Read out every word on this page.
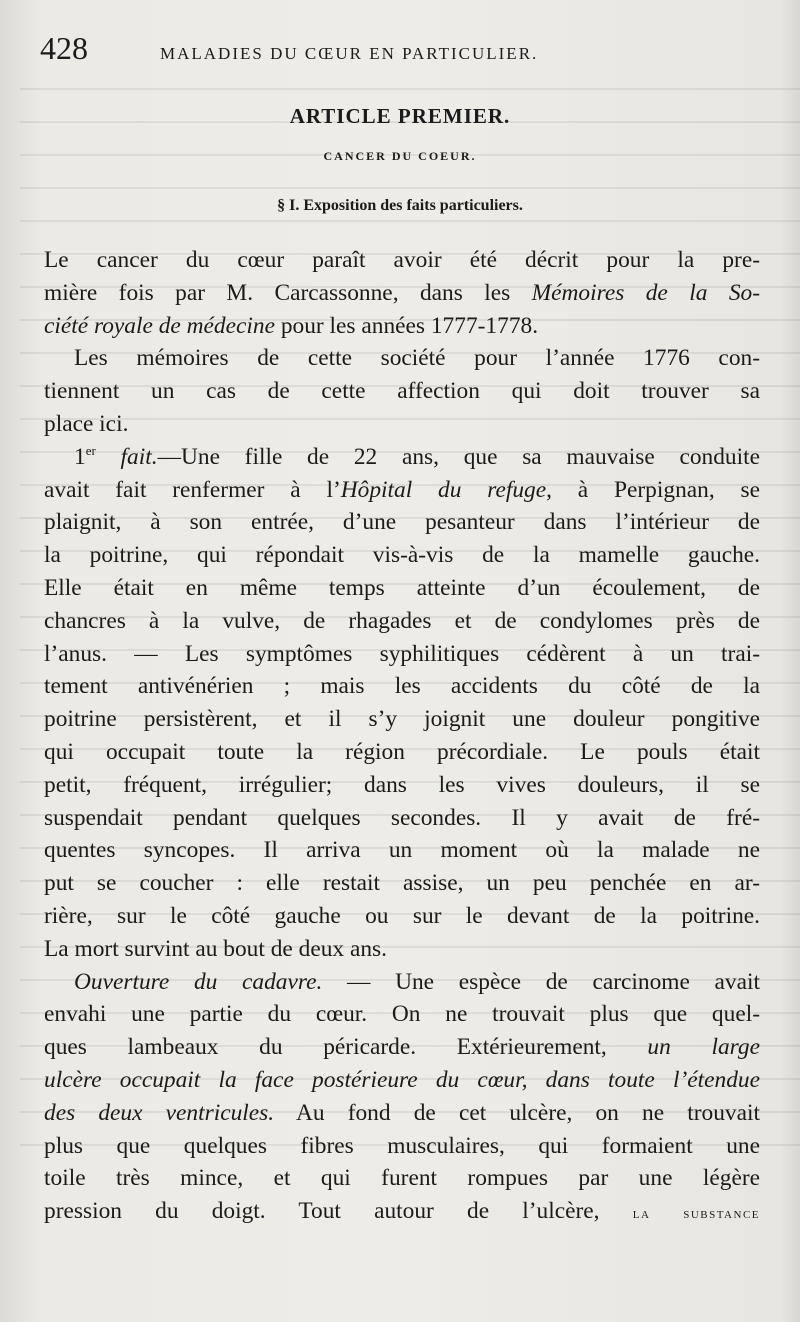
428	MALADIES DU CŒUR EN PARTICULIER.
ARTICLE PREMIER.
CANCER DU COEUR.
§ I. Exposition des faits particuliers.
Le cancer du cœur paraît avoir été décrit pour la pre-
mière fois par M. Carcassonne, dans les Mémoires de la So-
ciété royale de médecine pour les années 1777-1778.
Les mémoires de cette société pour l’année 1776 con-
tiennent un cas de cette affection qui doit trouver sa
place ici.
1er fait.—Une fille de 22 ans, que sa mauvaise conduite
avait fait renfermer à l’Hôpital du refuge, à Perpignan, se
plaignit, à son entrée, d’une pesanteur dans l’intérieur de
la poitrine, qui répondait vis-à-vis de la mamelle gauche.
Elle était en même temps atteinte d’un écoulement, de
chancres à la vulve, de rhagades et de condylomes près de
l’anus. — Les symptômes syphilitiques cédèrent à un trai-
tement antivénérien ; mais les accidents du côté de la
poitrine persistèrent, et il s’y joignit une douleur pongitive
qui occupait toute la région précordiale. Le pouls était
petit, fréquent, irrégulier; dans les vives douleurs, il se
suspendait pendant quelques secondes. Il y avait de fré-
quentes syncopes. Il arriva un moment où la malade ne
put se coucher : elle restait assise, un peu penchée en ar-
rière, sur le côté gauche ou sur le devant de la poitrine.
La mort survint au bout de deux ans.
Ouverture du cadavre. — Une espèce de carcinome avait
envahi une partie du cœur. On ne trouvait plus que quel-
ques lambeaux du péricarde. Extérieurement, un large
ulcère occupait la face postérieure du cœur, dans toute l’étendue
des deux ventricules. Au fond de cet ulcère, on ne trouvait
plus que quelques fibres musculaires, qui formaient une
toile très mince, et qui furent rompues par une légère
pression du doigt. Tout autour de l’ulcère, la substance
